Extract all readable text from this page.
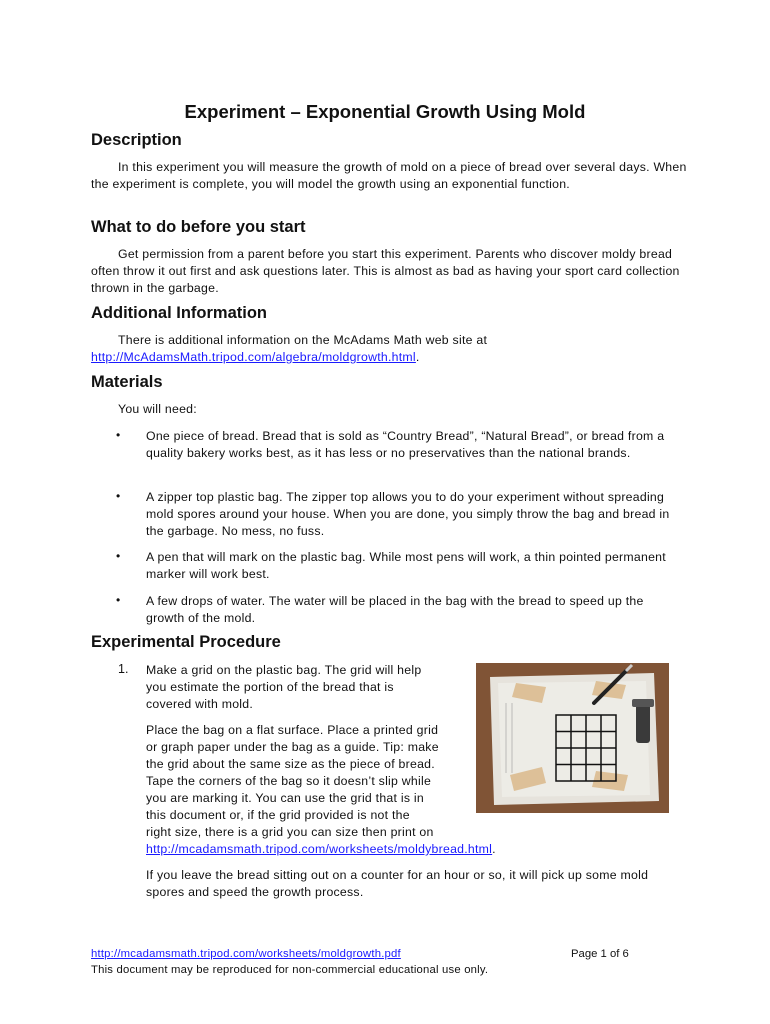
Experiment – Exponential Growth Using Mold
Description
In this experiment you will measure the growth of mold on a piece of bread over several days. When the experiment is complete, you will model the growth using an exponential function.
What to do before you start
Get permission from a parent before you start this experiment. Parents who discover moldy bread often throw it out first and ask questions later. This is almost as bad as having your sport card collection thrown in the garbage.
Additional Information
There is additional information on the McAdams Math web site at
http://McAdamsMath.tripod.com/algebra/moldgrowth.html.
Materials
You will need:
• One piece of bread. Bread that is sold as “Country Bread”, “Natural Bread”, or bread from a quality bakery works best, as it has less or no preservatives than the national brands.
• A zipper top plastic bag. The zipper top allows you to do your experiment without spreading mold spores around your house. When you are done, you simply throw the bag and bread in the garbage. No mess, no fuss.
• A pen that will mark on the plastic bag. While most pens will work, a thin pointed permanent marker will work best.
• A few drops of water. The water will be placed in the bag with the bread to speed up the growth of the mold.
Experimental Procedure
1. Make a grid on the plastic bag. The grid will help
you estimate the portion of the bread that is
covered with mold.
Place the bag on a flat surface. Place a printed grid
or graph paper under the bag as a guide. Tip: make
the grid about the same size as the piece of bread.
Tape the corners of the bag so it doesn’t slip while
you are marking it. You can use the grid that is in
this document or, if the grid provided is not the
right size, there is a grid you can size then print on
http://mcadamsmath.tripod.com/worksheets/moldybread.html.
If you leave the bread sitting out on a counter for an hour or so, it will pick up some mold spores and speed the growth process.
http://mcadamsmath.tripod.com/worksheets/moldgrowth.pdf
This document may be reproduced for non-commercial educational use only.
Page 1 of 6
